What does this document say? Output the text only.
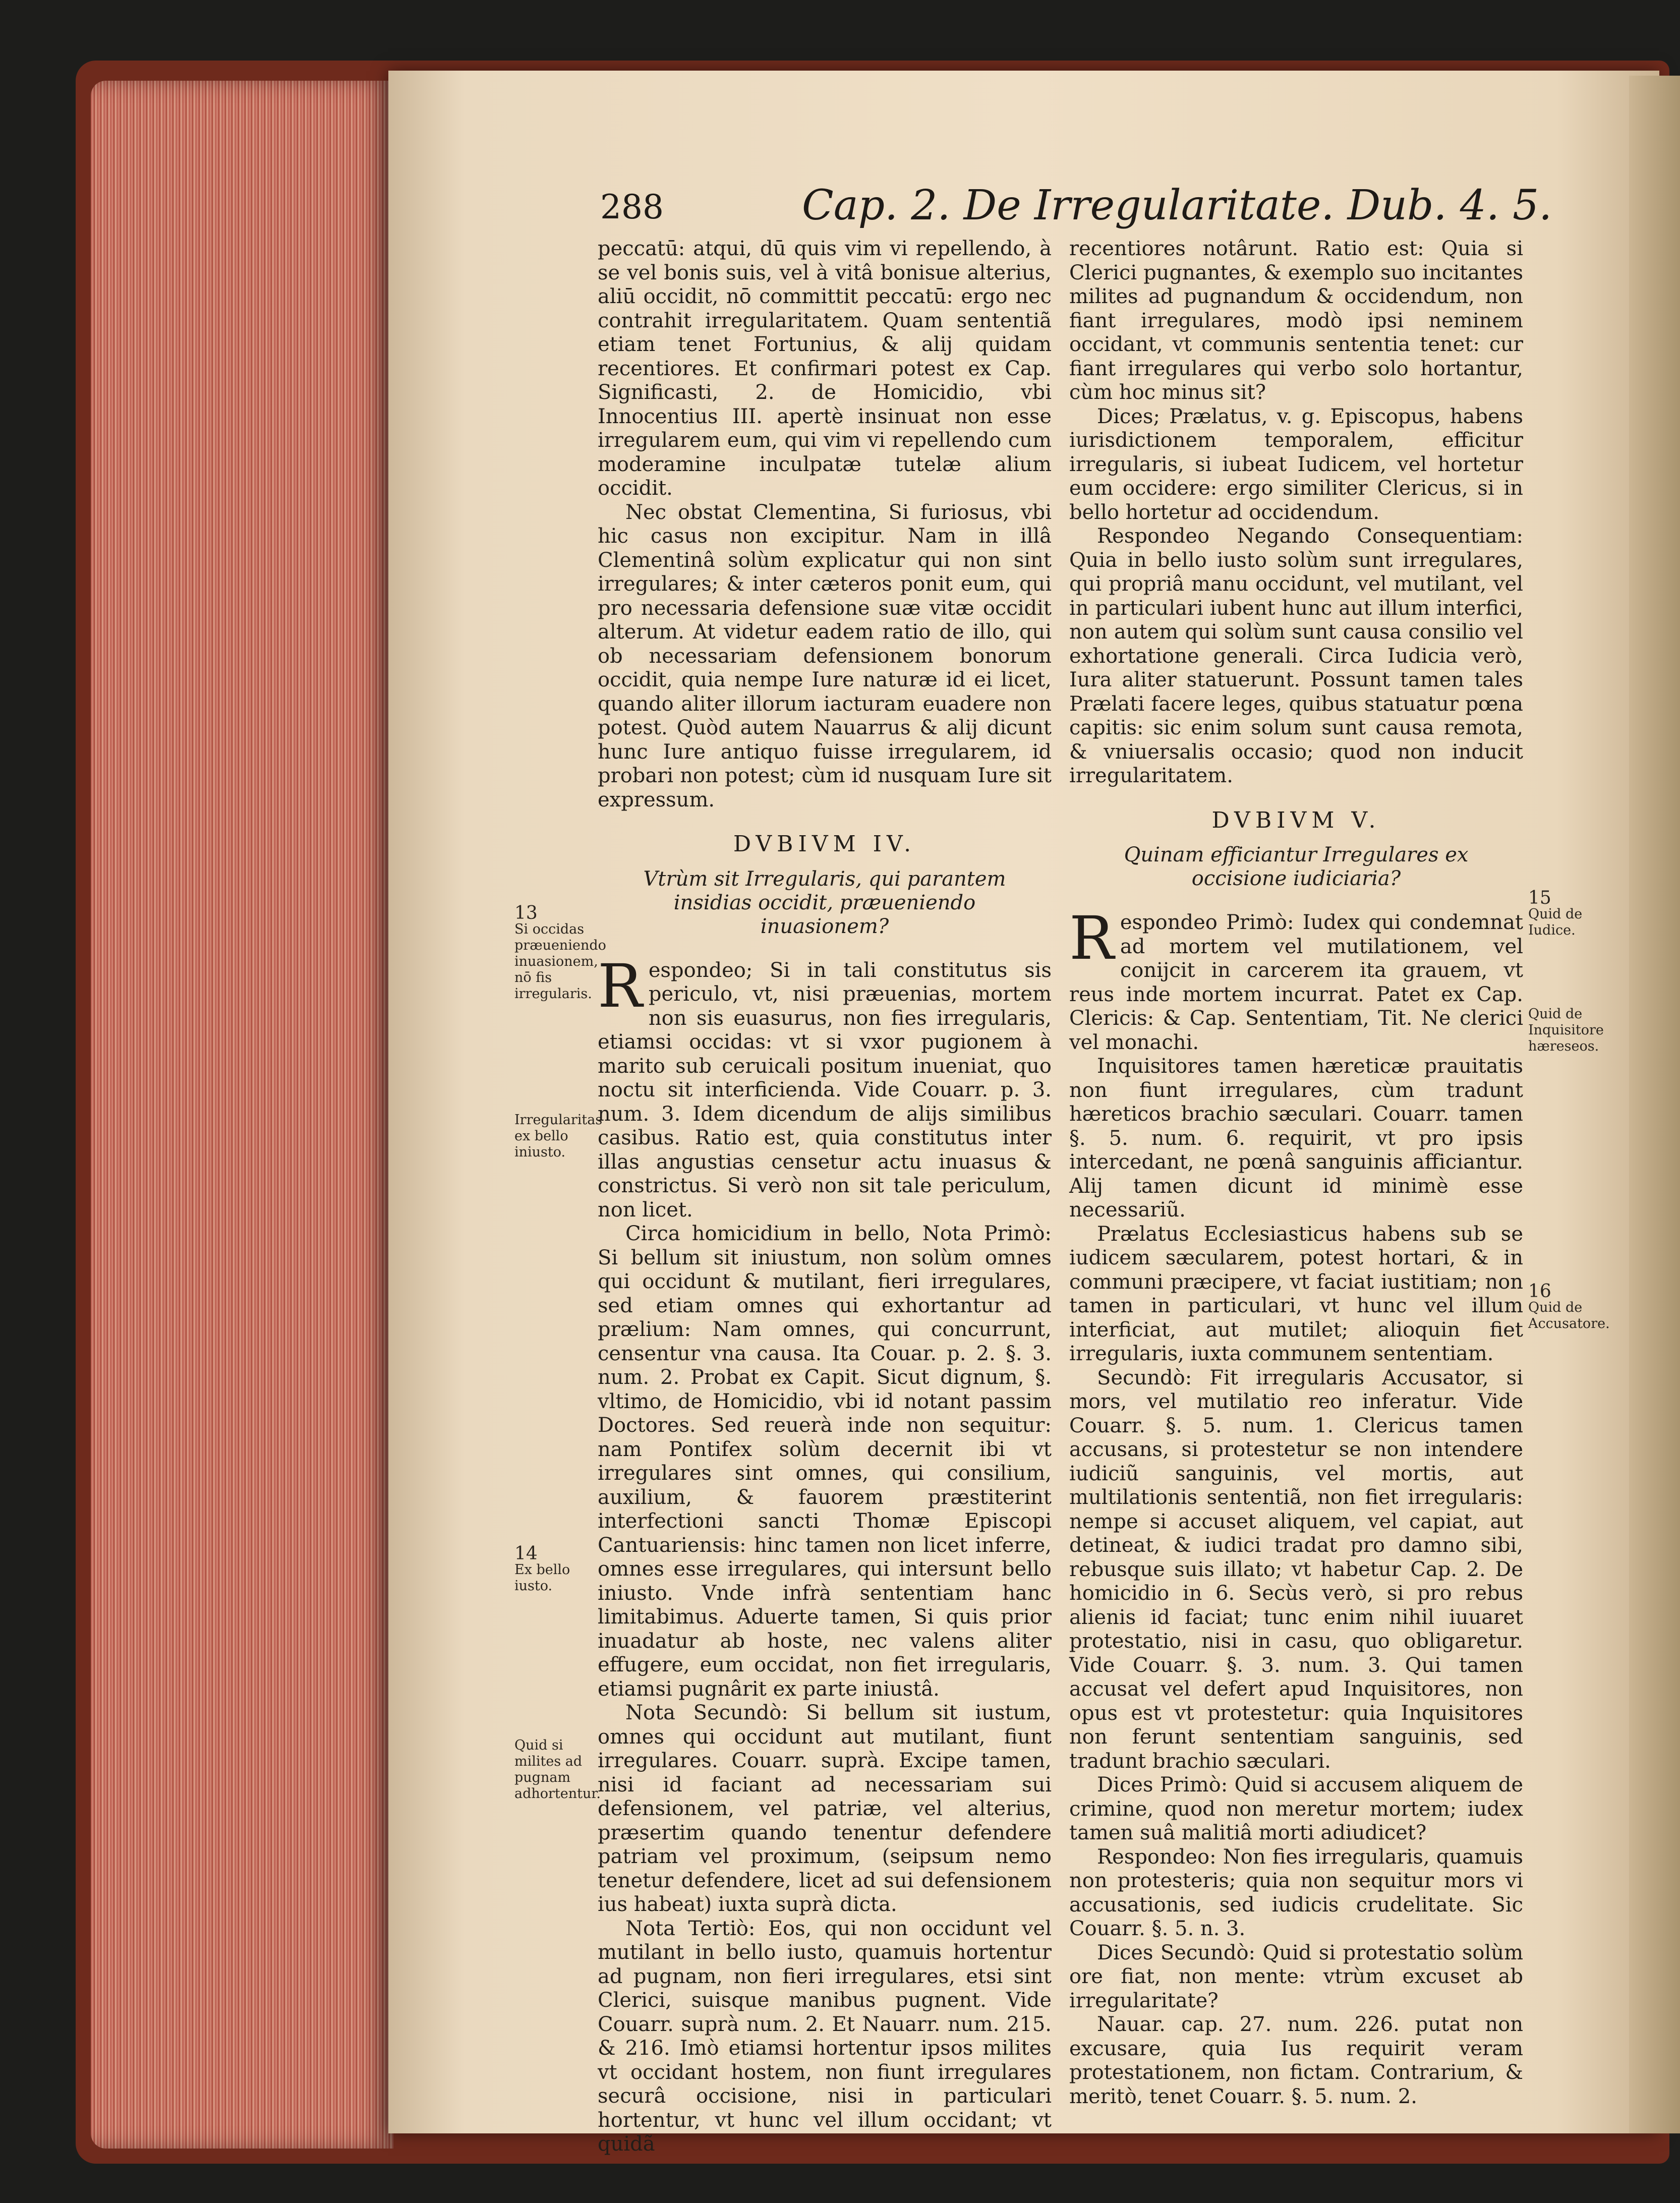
288	Cap. 2. De Irregularitate. Dub. 4. 5.

peccatū: atqui, dū quis vim vi repellendo, à se vel bonis suis, vel à vitâ bonisue alterius, aliū occidit, nō committit peccatū: ergo nec contrahit irregularitatem. Quam sententiã etiam tenet Fortunius, & alij quidam recentiores. Et confirmari potest ex Cap. Significasti, 2. de Homicidio, vbi Innocentius III. apertè insinuat non esse irregularem eum, qui vim vi repellendo cum moderamine inculpatæ tutelæ alium occidit.

Nec obstat Clementina, Si furiosus, vbi hic casus non excipitur. Nam in illâ Clementinâ solùm explicatur qui non sint irregulares; & inter cæteros ponit eum, qui pro necessaria defensione suæ vitæ occidit alterum. At videtur eadem ratio de illo, qui ob necessariam defensionem bonorum occidit, quia nempe Iure naturæ id ei licet, quando aliter illorum iacturam euadere non potest. Quòd autem Nauarrus & alij dicunt hunc Iure antiquo fuisse irregularem, id probari non potest; cùm id nusquam Iure sit expressum.

DVBIVM IV.
Vtrùm sit Irregularis, qui parantem insidias occidit, præueniendo inuasionem?

Respondeo; Si in tali constitutus sis periculo, vt, nisi præuenias, mortem non sis euasurus, non fies irregularis, etiamsi occidas: vt si vxor pugionem à marito sub ceruicali positum inueniat, quo noctu sit interficienda. Vide Couarr. p. 3. num. 3. Idem dicendum de alijs similibus casibus. Ratio est, quia constitutus inter illas angustias censetur actu inuasus & constrictus. Si verò non sit tale periculum, non licet.

Circa homicidium in bello, Nota Primò: Si bellum sit iniustum, non solùm omnes qui occidunt & mutilant, fieri irregulares, sed etiam omnes qui exhortantur ad prælium: Nam omnes, qui concurrunt, censentur vna causa. Ita Couar. p. 2. §. 3. num. 2. Probat ex Capit. Sicut dignum, §. vltimo, de Homicidio, vbi id notant passim Doctores. Sed reuerà inde non sequitur: nam Pontifex solùm decernit ibi vt irregulares sint omnes, qui consilium, auxilium, & fauorem præstiterint interfectioni sancti Thomæ Episcopi Cantuariensis: hinc tamen non licet inferre, omnes esse irregulares, qui intersunt bello iniusto. Vnde infrà sententiam hanc limitabimus. Aduerte tamen, Si quis prior inuadatur ab hoste, nec valens aliter effugere, eum occidat, non fiet irregularis, etiamsi pugnârit ex parte iniustâ.

Nota Secundò: Si bellum sit iustum, omnes qui occidunt aut mutilant, fiunt irregulares. Couarr. suprà. Excipe tamen, nisi id faciant ad necessariam sui defensionem, vel patriæ, vel alterius, præsertim quando tenentur defendere patriam vel proximum, (seipsum nemo tenetur defendere, licet ad sui defensionem ius habeat) iuxta suprà dicta.

Nota Tertiò: Eos, qui non occidunt vel mutilant in bello iusto, quamuis hortentur ad pugnam, non fieri irregulares, etsi sint Clerici, suisque manibus pugnent. Vide Couarr. suprà num. 2. Et Nauarr. num. 215. & 216. Imò etiamsi hortentur ipsos milites vt occidant hostem, non fiunt irregulares securâ occisione, nisi in particulari hortentur, vt hunc vel illum occidant; vt quidã

recentiores notârunt. Ratio est: Quia si Clerici pugnantes, & exemplo suo incitantes milites ad pugnandum & occidendum, non fiant irregulares, modò ipsi neminem occidant, vt communis sententia tenet: cur fiant irregulares qui verbo solo hortantur, cùm hoc minus sit?

Dices; Prælatus, v. g. Episcopus, habens iurisdictionem temporalem, efficitur irregularis, si iubeat Iudicem, vel hortetur eum occidere: ergo similiter Clericus, si in bello hortetur ad occidendum.

Respondeo Negando Consequentiam: Quia in bello iusto solùm sunt irregulares, qui propriâ manu occidunt, vel mutilant, vel in particulari iubent hunc aut illum interfici, non autem qui solùm sunt causa consilio vel exhortatione generali. Circa Iudicia verò, Iura aliter statuerunt. Possunt tamen tales Prælati facere leges, quibus statuatur pœna capitis: sic enim solum sunt causa remota, & vniuersalis occasio; quod non inducit irregularitatem.

DVBIVM V.
Quinam efficiantur Irregulares ex occisione iudiciaria?

Respondeo Primò: Iudex qui condemnat ad mortem vel mutilationem, vel conijcit in carcerem ita grauem, vt reus inde mortem incurrat. Patet ex Cap. Clericis: & Cap. Sententiam, Tit. Ne clerici vel monachi.

Inquisitores tamen hæreticæ prauitatis non fiunt irregulares, cùm tradunt hæreticos brachio sæculari. Couarr. tamen §. 5. num. 6. requirit, vt pro ipsis intercedant, ne pœnâ sanguinis afficiantur. Alij tamen dicunt id minimè esse necessariũ.

Prælatus Ecclesiasticus habens sub se iudicem sæcularem, potest hortari, & in communi præcipere, vt faciat iustitiam; non tamen in particulari, vt hunc vel illum interficiat, aut mutilet; alioquin fiet irregularis, iuxta communem sententiam.

Secundò: Fit irregularis Accusator, si mors, vel mutilatio reo inferatur. Vide Couarr. §. 5. num. 1. Clericus tamen accusans, si protestetur se non intendere iudiciũ sanguinis, vel mortis, aut multilationis sententiã, non fiet irregularis: nempe si accuset aliquem, vel capiat, aut detineat, & iudici tradat pro damno sibi, rebusque suis illato; vt habetur Cap. 2. De homicidio in 6. Secùs verò, si pro rebus alienis id faciat; tunc enim nihil iuuaret protestatio, nisi in casu, quo obligaretur. Vide Couarr. §. 3. num. 3. Qui tamen accusat vel defert apud Inquisitores, non opus est vt protestetur: quia Inquisitores non ferunt sententiam sanguinis, sed tradunt brachio sæculari.

Dices Primò: Quid si accusem aliquem de crimine, quod non meretur mortem; iudex tamen suâ malitiâ morti adiudicet?

Respondeo: Non fies irregularis, quamuis non protesteris; quia non sequitur mors vi accusationis, sed iudicis crudelitate. Sic Couarr. §. 5. n. 3.

Dices Secundò: Quid si protestatio solùm ore fiat, non mente: vtrùm excuset ab irregularitate?

Nauar. cap. 27. num. 226. putat non excusare, quia Ius requirit veram protestationem, non fictam. Contrarium, & meritò, tenet Couarr. §. 5. num. 2.

13
Si occidas præueniendo inuasionem, nō fis irregularis.
Irregularitas ex bello iniusto.
14
Ex bello iusto.
Quid si milites ad pugnam adhortentur.
15
Quid de Iudice.
Quid de Inquisitore hæreseos.
16
Quid de Accusatore.
